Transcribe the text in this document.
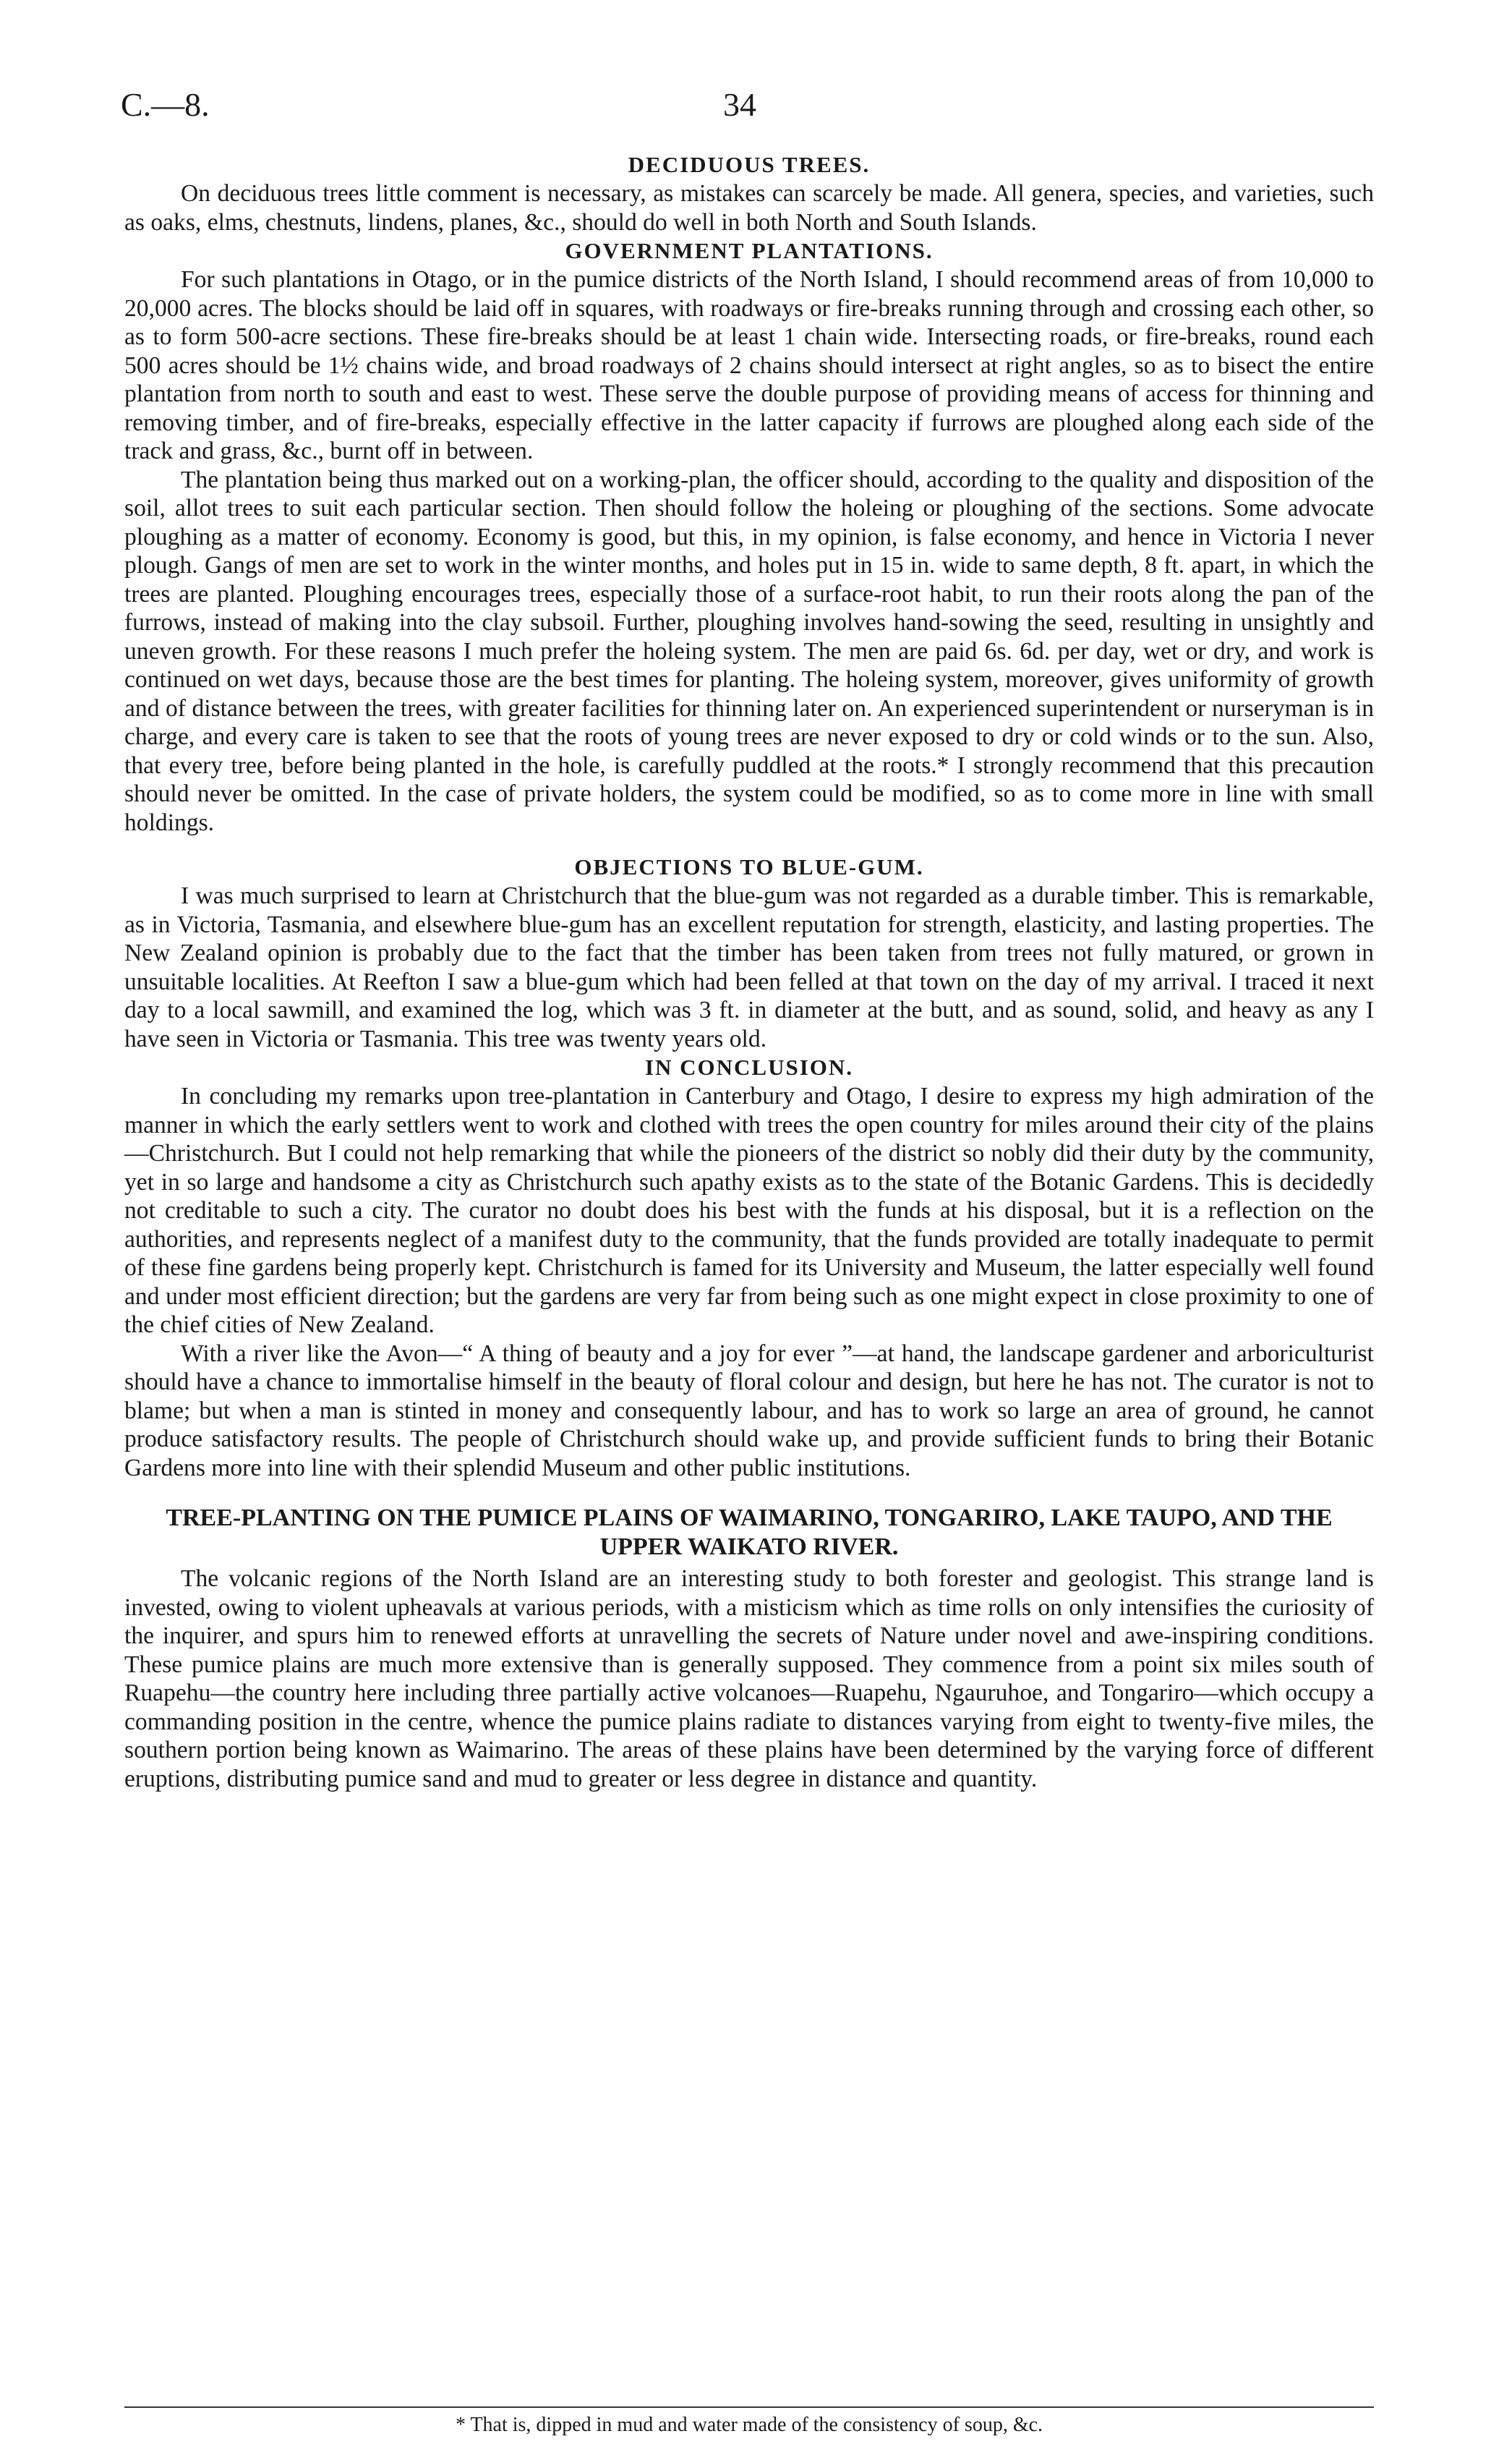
C.—8.	34
DECIDUOUS TREES.

On deciduous trees little comment is necessary, as mistakes can scarcely be made. All genera, species, and varieties, such as oaks, elms, chestnuts, lindens, planes, &c., should do well in both North and South Islands.

GOVERNMENT PLANTATIONS.

For such plantations in Otago, or in the pumice districts of the North Island, I should recommend areas of from 10,000 to 20,000 acres. The blocks should be laid off in squares, with roadways or fire-breaks running through and crossing each other, so as to form 500-acre sections. These fire-breaks should be at least 1 chain wide. Intersecting roads, or fire-breaks, round each 500 acres should be 1½ chains wide, and broad roadways of 2 chains should intersect at right angles, so as to bisect the entire plantation from north to south and east to west. These serve the double purpose of providing means of access for thinning and removing timber, and of fire-breaks, especially effective in the latter capacity if furrows are ploughed along each side of the track and grass, &c., burnt off in between.

The plantation being thus marked out on a working-plan, the officer should, according to the quality and disposition of the soil, allot trees to suit each particular section. Then should follow the holeing or ploughing of the sections. Some advocate ploughing as a matter of economy. Economy is good, but this, in my opinion, is false economy, and hence in Victoria I never plough. Gangs of men are set to work in the winter months, and holes put in 15 in. wide to same depth, 8 ft. apart, in which the trees are planted. Ploughing encourages trees, especially those of a surface-root habit, to run their roots along the pan of the furrows, instead of making into the clay subsoil. Further, ploughing involves hand-sowing the seed, resulting in unsightly and uneven growth. For these reasons I much prefer the holeing system. The men are paid 6s. 6d. per day, wet or dry, and work is continued on wet days, because those are the best times for planting. The holeing system, moreover, gives uniformity of growth and of distance between the trees, with greater facilities for thinning later on. An experienced superintendent or nurseryman is in charge, and every care is taken to see that the roots of young trees are never exposed to dry or cold winds or to the sun. Also, that every tree, before being planted in the hole, is carefully puddled at the roots.* I strongly recommend that this precaution should never be omitted. In the case of private holders, the system could be modified, so as to come more in line with small holdings.

OBJECTIONS TO BLUE-GUM.

I was much surprised to learn at Christchurch that the blue-gum was not regarded as a durable timber. This is remarkable, as in Victoria, Tasmania, and elsewhere blue-gum has an excellent reputation for strength, elasticity, and lasting properties. The New Zealand opinion is probably due to the fact that the timber has been taken from trees not fully matured, or grown in unsuitable localities. At Reefton I saw a blue-gum which had been felled at that town on the day of my arrival. I traced it next day to a local sawmill, and examined the log, which was 3 ft. in diameter at the butt, and as sound, solid, and heavy as any I have seen in Victoria or Tasmania. This tree was twenty years old.

IN CONCLUSION.

In concluding my remarks upon tree-plantation in Canterbury and Otago, I desire to express my high admiration of the manner in which the early settlers went to work and clothed with trees the open country for miles around their city of the plains—Christchurch. But I could not help remarking that while the pioneers of the district so nobly did their duty by the community, yet in so large and handsome a city as Christchurch such apathy exists as to the state of the Botanic Gardens. This is decidedly not creditable to such a city. The curator no doubt does his best with the funds at his disposal, but it is a reflection on the authorities, and represents neglect of a manifest duty to the community, that the funds provided are totally inadequate to permit of these fine gardens being properly kept. Christchurch is famed for its University and Museum, the latter especially well found and under most efficient direction; but the gardens are very far from being such as one might expect in close proximity to one of the chief cities of New Zealand.

With a river like the Avon—“ A thing of beauty and a joy for ever ”—at hand, the landscape gardener and arboriculturist should have a chance to immortalise himself in the beauty of floral colour and design, but here he has not. The curator is not to blame; but when a man is stinted in money and consequently labour, and has to work so large an area of ground, he cannot produce satisfactory results. The people of Christchurch should wake up, and provide sufficient funds to bring their Botanic Gardens more into line with their splendid Museum and other public institutions.

TREE-PLANTING ON THE PUMICE PLAINS OF WAIMARINO, TONGARIRO, LAKE TAUPO, AND THE UPPER WAIKATO RIVER.

The volcanic regions of the North Island are an interesting study to both forester and geologist. This strange land is invested, owing to violent upheavals at various periods, with a misticism which as time rolls on only intensifies the curiosity of the inquirer, and spurs him to renewed efforts at unravelling the secrets of Nature under novel and awe-inspiring conditions. These pumice plains are much more extensive than is generally supposed. They commence from a point six miles south of Ruapehu—the country here including three partially active volcanoes—Ruapehu, Ngauruhoe, and Tongariro—which occupy a commanding position in the centre, whence the pumice plains radiate to distances varying from eight to twenty-five miles, the southern portion being known as Waimarino. The areas of these plains have been determined by the varying force of different eruptions, distributing pumice sand and mud to greater or less degree in distance and quantity.

* That is, dipped in mud and water made of the consistency of soup, &c.
